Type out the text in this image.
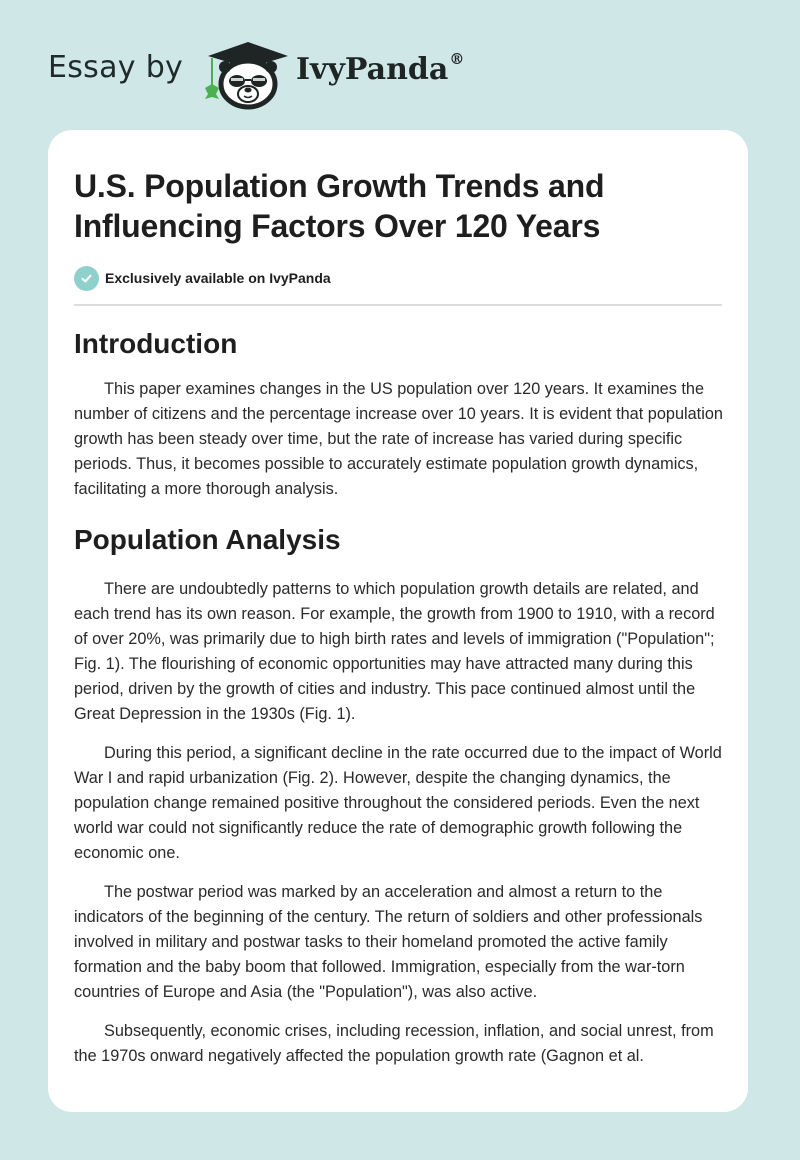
Essay by	IvyPanda®
U.S. Population Growth Trends and Influencing Factors Over 120 Years
Exclusively available on IvyPanda
Introduction

This paper examines changes in the US population over 120 years. It examines the number of citizens and the percentage increase over 10 years. It is evident that population growth has been steady over time, but the rate of increase has varied during specific periods. Thus, it becomes possible to accurately estimate population growth dynamics, facilitating a more thorough analysis.

Population Analysis

There are undoubtedly patterns to which population growth details are related, and each trend has its own reason. For example, the growth from 1900 to 1910, with a record of over 20%, was primarily due to high birth rates and levels of immigration ("Population"; Fig. 1). The flourishing of economic opportunities may have attracted many during this period, driven by the growth of cities and industry. This pace continued almost until the Great Depression in the 1930s (Fig. 1).

During this period, a significant decline in the rate occurred due to the impact of World War I and rapid urbanization (Fig. 2). However, despite the changing dynamics, the population change remained positive throughout the considered periods. Even the next world war could not significantly reduce the rate of demographic growth following the economic one.

The postwar period was marked by an acceleration and almost a return to the indicators of the beginning of the century. The return of soldiers and other professionals involved in military and postwar tasks to their homeland promoted the active family formation and the baby boom that followed. Immigration, especially from the war-torn countries of Europe and Asia (the "Population"), was also active.

Subsequently, economic crises, including recession, inflation, and social unrest, from the 1970s onward negatively affected the population growth rate (Gagnon et al.
